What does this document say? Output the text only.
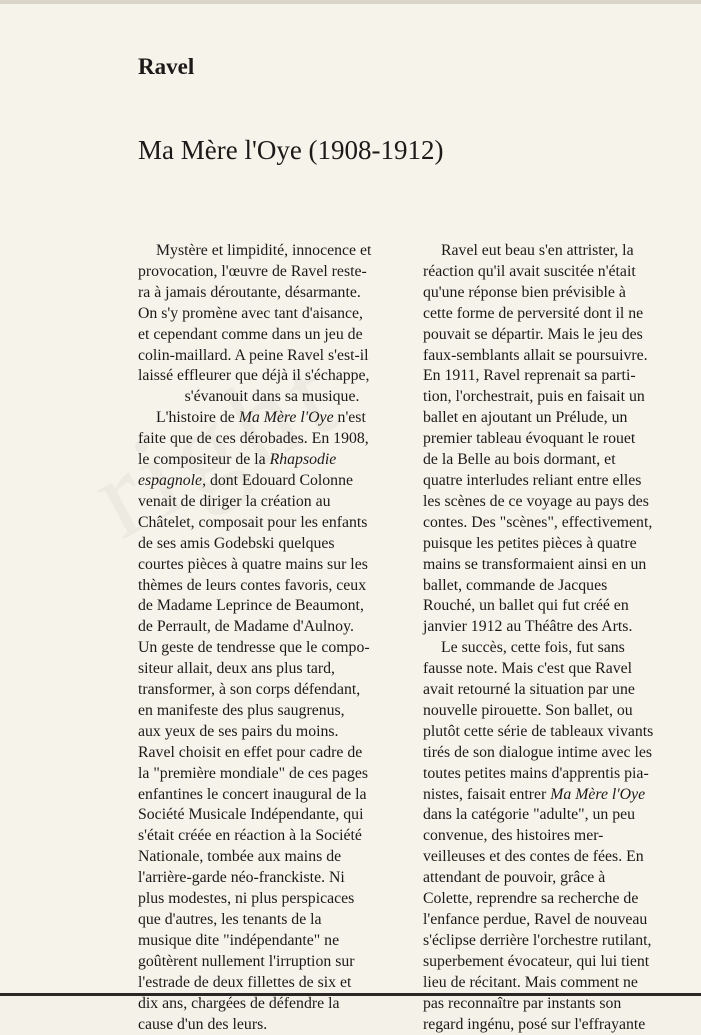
Ravel
Ma Mère l'Oye (1908-1912)
Mystère et limpidité, innocence et
provocation, l'œuvre de Ravel reste-
ra à jamais déroutante, désarmante.
On s'y promène avec tant d'aisance,
et cependant comme dans un jeu de
colin-maillard. A peine Ravel s'est-il
laissé effleurer que déjà il s'échappe,
s'évanouit dans sa musique.
L'histoire de Ma Mère l'Oye n'est
faite que de ces dérobades. En 1908,
le compositeur de la Rhapsodie
espagnole, dont Edouard Colonne
venait de diriger la création au
Châtelet, composait pour les enfants
de ses amis Godebski quelques
courtes pièces à quatre mains sur les
thèmes de leurs contes favoris, ceux
de Madame Leprince de Beaumont,
de Perrault, de Madame d'Aulnoy.
Un geste de tendresse que le compo-
siteur allait, deux ans plus tard,
transformer, à son corps défendant,
en manifeste des plus saugrenus,
aux yeux de ses pairs du moins.
Ravel choisit en effet pour cadre de
la "première mondiale" de ces pages
enfantines le concert inaugural de la
Société Musicale Indépendante, qui
s'était créée en réaction à la Société
Nationale, tombée aux mains de
l'arrière-garde néo-franckiste. Ni
plus modestes, ni plus perspicaces
que d'autres, les tenants de la
musique dite "indépendante" ne
goûtèrent nullement l'irruption sur
l'estrade de deux fillettes de six et
dix ans, chargées de défendre la
cause d'un des leurs.
Ravel eut beau s'en attrister, la
réaction qu'il avait suscitée n'était
qu'une réponse bien prévisible à
cette forme de perversité dont il ne
pouvait se départir. Mais le jeu des
faux-semblants allait se poursuivre.
En 1911, Ravel reprenait sa parti-
tion, l'orchestrait, puis en faisait un
ballet en ajoutant un Prélude, un
premier tableau évoquant le rouet
de la Belle au bois dormant, et
quatre interludes reliant entre elles
les scènes de ce voyage au pays des
contes. Des "scènes", effectivement,
puisque les petites pièces à quatre
mains se transformaient ainsi en un
ballet, commande de Jacques
Rouché, un ballet qui fut créé en
janvier 1912 au Théâtre des Arts.
Le succès, cette fois, fut sans
fausse note. Mais c'est que Ravel
avait retourné la situation par une
nouvelle pirouette. Son ballet, ou
plutôt cette série de tableaux vivants
tirés de son dialogue intime avec les
toutes petites mains d'apprentis pia-
nistes, faisait entrer Ma Mère l'Oye
dans la catégorie "adulte", un peu
convenue, des histoires mer-
veilleuses et des contes de fées. En
attendant de pouvoir, grâce à
Colette, reprendre sa recherche de
l'enfance perdue, Ravel de nouveau
s'éclipse derrière l'orchestre rutilant,
superbement évocateur, qui lui tient
lieu de récitant. Mais comment ne
pas reconnaître par instants son
regard ingénu, posé sur l'effrayante
